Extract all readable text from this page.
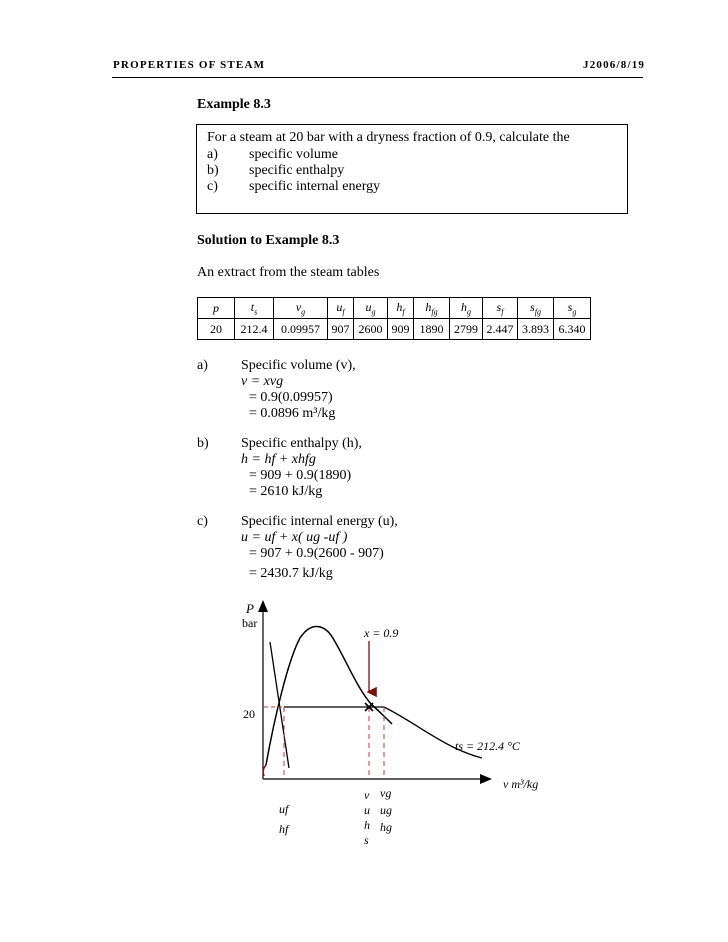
PROPERTIES OF STEAM	J2006/8/19
Example 8.3
For a steam at 20 bar with a dryness fraction of 0.9, calculate the
a) specific volume
b) specific enthalpy
c) specific internal energy
Solution to Example 8.3
An extract from the steam tables
p	$t_s$	$v_g$	$u_f$	$u_g$	$h_f$	$h_{fg}$	$h_g$	$s_f$	$s_{fg}$	$s_g$
20	212.4	0.09957	907	2600	909	1890	2799	2.447	3.893	6.340
a) Specific volume (v),
v = xvg
= 0.9(0.09957)
= 0.0896 m³/kg
b) Specific enthalpy (h),
h = hf + xhfg
= 909 + 0.9(1890)
= 2610 kJ/kg
c) Specific internal energy (u),
u = uf + x( ug -uf )
= 907 + 0.9(2600 - 907)
= 2430.7 kJ/kg
P
bar
x = 0.9
20
ts = 212.4 °C
v m³/kg
uf
hf
v
u
h
s
vg
ug
hg
